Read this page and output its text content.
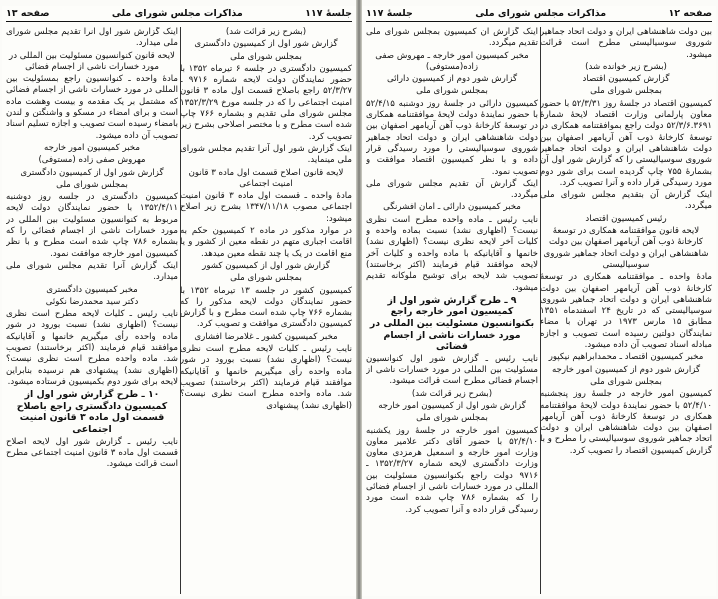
صفحه ۱۲
مذاکرات مجلس شورای ملی
جلسهٔ ۱۱۷

بین دولت شاهنشاهی ایران و دولت اتحاد جماهیر شوروی سوسیالیستی مطرح است قرائت میشود.

(بشرح زیر خوانده شد)

گزارش کمیسیون اقتصاد

بمجلس شورای ملی

کمیسیون اقتصاد در جلسهٔ روز ۵۲/۳/۳۱ با حضور معاون پارلمانی وزارت اقتصاد لایحهٔ شمارهٔ ۵۲/۳/۶.۳۶۹۱ دولت راجع بموافقتنامه همکاری در توسعهٔ کارخانهٔ ذوب آهن آریامهر اصفهان بین دولت شاهنشاهی ایران و دولت اتحاد جماهیر شوروی سوسیالیستی را که گزارش شور اول آن بشمارهٔ ۷۵۵ چاپ گردیده است برای شور دوم مورد رسیدگی قرار داده و آنرا تصویب کرد.

اینک گزارش آن بتقدیم مجلس شورای ملی میگردد.

رئیس کمیسیون اقتصاد

لایحه قانون موافقتنامه همکاری در توسعهٔ کارخانهٔ ذوب آهن آریامهر اصفهان بین دولت شاهنشاهی ایران و دولت اتحاد جماهیر شوروی سوسیالیستی

مادهٔ واحده ـ موافقتنامه همکاری در توسعهٔ کارخانهٔ ذوب آهن آریامهر اصفهان بین دولت شاهنشاهی ایران و دولت اتحاد جماهیر شوروی سوسیالیستی که در تاریخ ۲۴ اسفندماه ۱۳۵۱ مطابق ۱۵ مارس ۱۹۷۳ در تهران با مضاء نمایندگان دولتین رسیده است تصویب و اجازه مبادله اسناد تصویب آن داده میشود.

مخبر کمیسیون اقتصاد ـ محمدابراهیم نیکپور

گزارش شور دوم از کمیسیون امور خارجه

بمجلس شورای ملی

کمیسیون امور خارجه در جلسهٔ روز پنجشنبه ۵۲/۴/۱۰ با حضور نمایندهٔ دولت لایحهٔ موافقتنامه همکاری در توسعهٔ کارخانهٔ ذوب آهن آریامهر اصفهان بین دولت شاهنشاهی ایران و دولت اتحاد جماهیر شوروی سوسیالیستی را مطرح و با گزارش کمیسیون اقتصاد را تصویب کرد.

اینک گزارش آن کمیسیون بمجلس شورای ملی تقدیم میگردد.

مخبر کمیسیون امور خارجه ـ مهروش صفی زاده(مستوفی)

گزارش شور دوم از کمیسیون دارائی

بمجلس شورای ملی

کمیسیون دارائی در جلسهٔ روز دوشنبه ۵۲/۴/۱۵ با حضور نمایندهٔ دولت لایحهٔ موافقتنامه همکاری در توسعهٔ کارخانهٔ ذوب آهن آریامهر اصفهان بین دولت شاهنشاهی ایران و دولت اتحاد جماهیر شوروی سوسیالیستی را مورد رسیدگی قرار داده و با نظر کمیسیون اقتصاد موافقت و تصویب نمود.

اینک گزارش آن تقدیم مجلس شورای ملی میگردد.

مخبر کمیسیون دارائی ـ امان افشرنگی

نایب رئیس ـ ماده واحده مطرح است نظری نیست؟ (اظهاری نشد) نسبت بماده واحده و کلیات آخر لایحه نظری نیست؟ (اظهاری نشد) خانمها و آقایانیکه با ماده واحده و کلیات آخر لایحه موافقند قیام فرمایند (اکثر برخاستند) تصویب شد لایحه برای توشیح ملوکانه تقدیم میشود.

۹ ـ طرح گزارش شور اول از کمیسیون امور خارجه راجع بکنوانسیون مسئولیت بین المللی در مورد خسارات ناشی از اجسام فضائی

نایب رئیس ـ گزارش شور اول کنوانسیون مسئولیت بین المللی در مورد خسارات ناشی از اجسام فضائی مطرح است قرائت میشود.

(بشرح زیر قرائت شد)

گزارش شور اول از کمیسیون امور خارجه

بمجلس شورای ملی

کمیسیون امور خارجه در جلسهٔ روز یکشنبه ۵۲/۴/۱۰ با حضور آقای دکتر علامیر معاون وزارت امور خارجه و اسمعیل هرمزدی معاون وزارت دادگستری لایحه شماره ۱۳۵۲/۳/۲۷ ـ ۹۷۱۶ دولت راجع بکنوانسیون مسئولیت بین المللی در مورد خسارات ناشی از اجسام فضائی را که بشماره ۷۸۶ چاپ شده است مورد رسیدگی قرار داده و آنرا تصویب کرد.

جلسهٔ ۱۱۷
مذاکرات مجلس شورای ملی
صفحه ۱۳

(بشرح زیر قرائت شد)

گزارش شور اول از کمیسیون دادگستری

بمجلس شورای ملی

کمیسیون دادگستری در جلسه ۶ تیرماه ۱۳۵۲ با حضور نمایندگان دولت لایحه شماره ۹۷۱۶ ـ ۵۲/۳/۲۷ راجع باصلاح قسمت اول ماده ۳ قانون امنیت اجتماعی را که در جلسه مورخ ۱۳۵۲/۳/۲۹ مجلس شورای ملی تقدیم و بشماره ۷۶۶ چاپ شده است مطرح و با مختصر اصلاحی بشرح زیر تصویب کرد.

اینک گزارش شور اول آنرا تقدیم مجلس شورای ملی مینماید.

لایحه قانون اصلاح قسمت اول ماده ۳ قانون امنیت اجتماعی

مادهٔ واحده ـ قسمت اول ماده ۳ قانون امنیت اجتماعی مصوب ۱۳۴۷/۱۱/۱۸ بشرح زیر اصلاح میشود:

در موارد مذکور در ماده ۲ کمیسیون حکم به اقامت اجباری متهم در نقطه معین از کشور و یا منع اقامت در یک یا چند نقطه معین میدهد.

گزارش شور اول از کمیسیون کشور

بمجلس شورای ملی

کمیسیون کشور در جلسه ۱۳ تیرماه ۱۳۵۲ با حضور نمایندگان دولت لایحه مذکور را که بشماره ۷۶۶ چاپ شده است مطرح و با گزارش کمیسیون دادگستری موافقت و تصویب کرد.

مخبر کمیسیون کشور ـ غلامرضا افشاری

نایب رئیس ـ کلیات لایحه مطرح است نظری نیست؟ (اظهاری نشد) نسبت بورود در شور ماده واحده رأی میگیریم خانمها و آقایانیکه موافقند قیام فرمایند (اکثر برخاستند) تصویب شد. ماده واحده مطرح است نظری نیست؟ (اظهاری نشد) پیشنهادی

اینک گزارش شور اول آنرا تقدیم مجلس شورای ملی میدارد.

لایحه قانون کنوانسیون مسئولیت بین المللی در مورد خسارات ناشی از اجسام فضائی

مادهٔ واحده ـ کنوانسیون راجع بمسئولیت بین المللی در مورد خسارات ناشی از اجسام فضائی که مشتمل بر یک مقدمه و بیست وهشت ماده است و برای امضاء در مسکو و واشنگتن و لندن بامضاء رسیده است تصویب و اجازه تسلیم اسناد تصویب آن داده میشود.

مخبر کمیسیون امور خارجه

مهروش صفی زاده (مستوفی)

گزارش شور اول از کمیسیون دادگستری

بمجلس شورای ملی

کمیسیون دادگستری در جلسه روز دوشنبه ۱۳۵۲/۴/۱۱ با حضور نمایندگان دولت لایحه مربوط به کنوانسیون مسئولیت بین المللی در مورد خسارات ناشی از اجسام فضائی را که بشماره ۷۸۶ چاپ شده است مطرح و با نظر کمیسیون امور خارجه موافقت نمود.

اینک گزارش آنرا تقدیم مجلس شورای ملی میدارد.

مخبر کمیسیون دادگستری

دکتر سید محمدرضا نکوئی

نایب رئیس ـ کلیات لایحه مطرح است نظری نیست؟ (اظهاری نشد) نسبت بورود در شور ماده واحده رأی میگیریم خانمها و آقایانیکه موافقند قیام فرمایند (اکثر برخاستند) تصویب شد. ماده واحده مطرح است نظری نیست؟ (اظهاری نشد) پیشنهادی هم نرسیده بنابراین لایحه برای شور دوم بکمیسیون فرستاده میشود.

۱۰ ـ طرح گزارش شور اول از کمیسیون دادگستری راجع باصلاح قسمت اول ماده ۳ قانون امنیت اجتماعی

نایب رئیس ـ گزارش شور اول لایحه اصلاح قسمت اول ماده ۳ قانون امنیت اجتماعی مطرح است قرائت میشود.
